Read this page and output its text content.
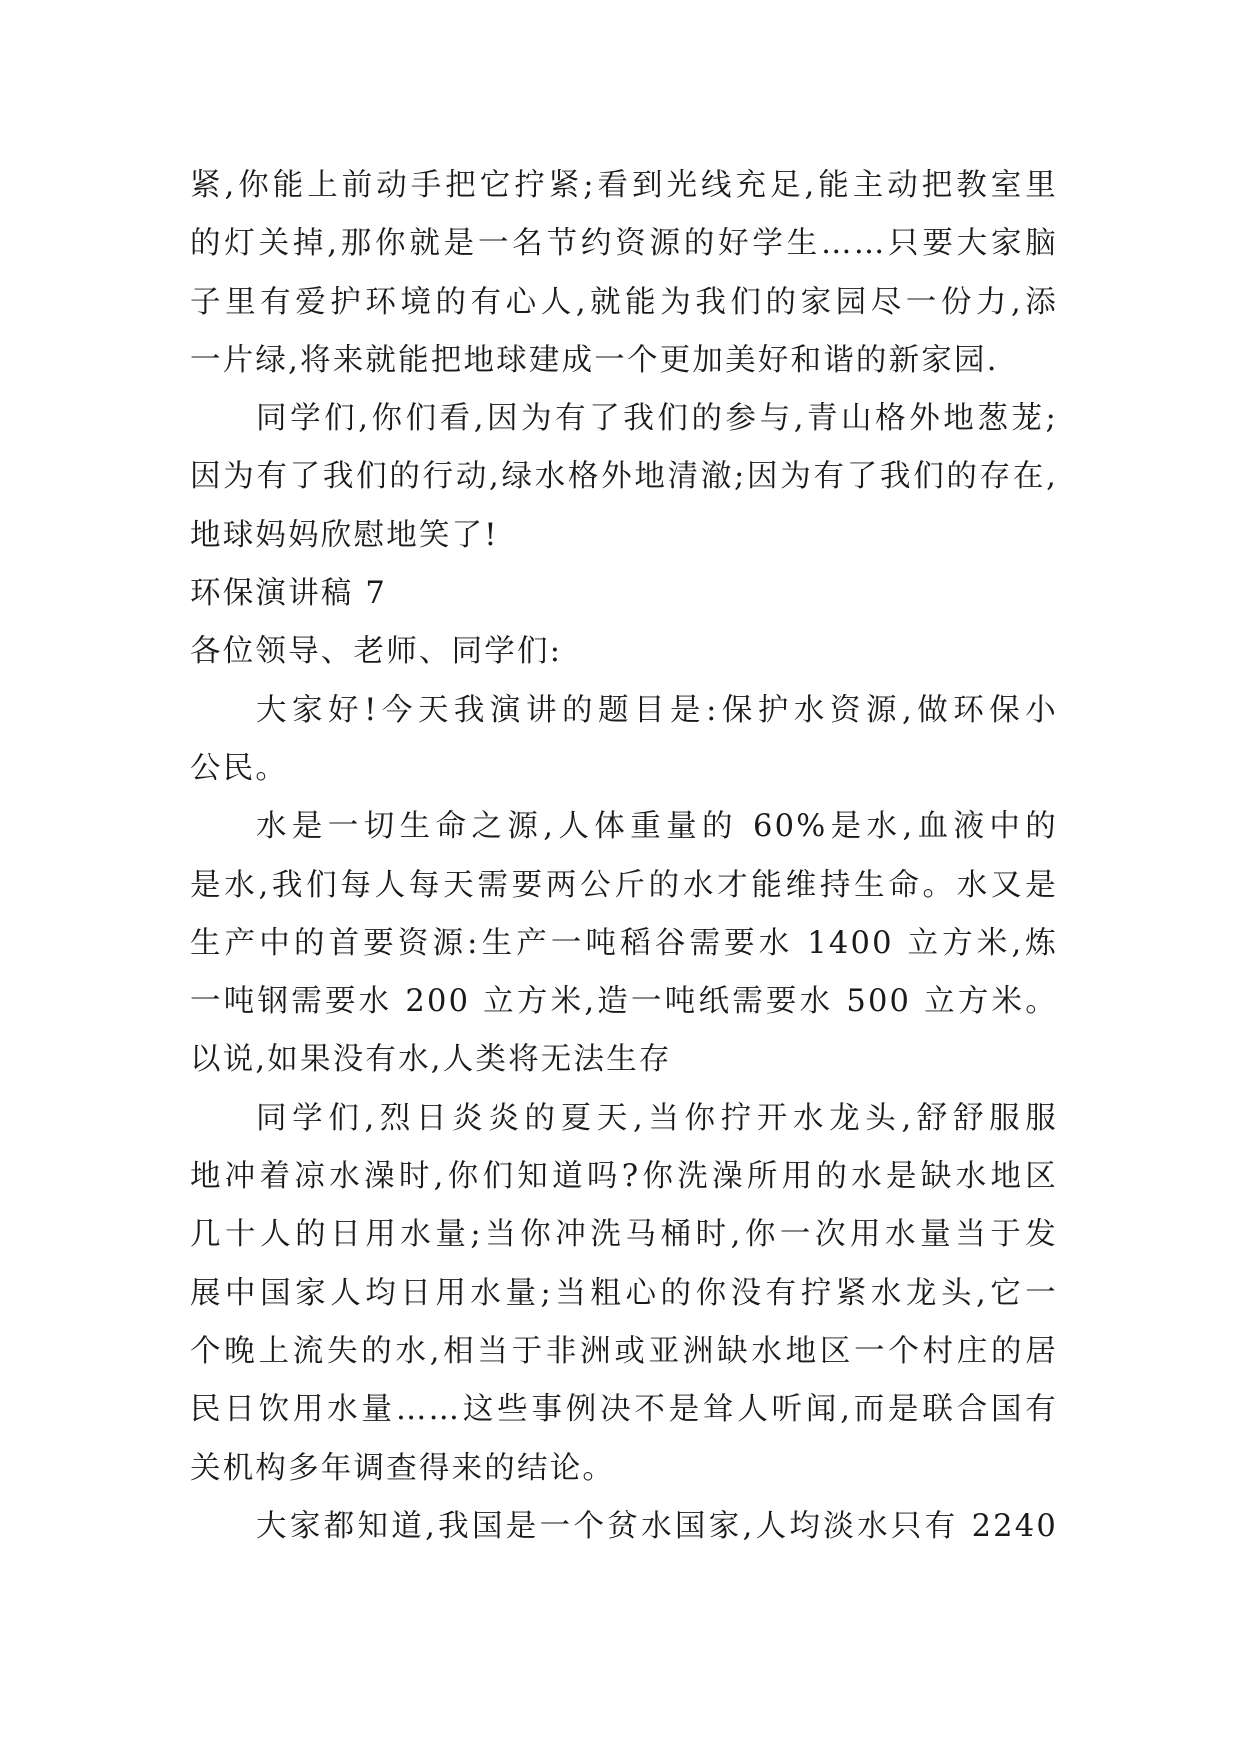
紧,你能上前动手把它拧紧;看到光线充足,能主动把教室里
的灯关掉,那你就是一名节约资源的好学生……只要大家脑
子里有爱护环境的有心人,就能为我们的家园尽一份力,添
一片绿,将来就能把地球建成一个更加美好和谐的新家园.
同学们,你们看,因为有了我们的参与,青山格外地葱茏;
因为有了我们的行动,绿水格外地清澈;因为有了我们的存在,
地球妈妈欣慰地笑了!
环保演讲稿 7
各位领导、老师、同学们:
大家好!今天我演讲的题目是:保护水资源,做环保小
公民。
水是一切生命之源,人体重量的 60%是水,血液中的
是水,我们每人每天需要两公斤的水才能维持生命。水又是
生产中的首要资源:生产一吨稻谷需要水 1400 立方米,炼
一吨钢需要水 200 立方米,造一吨纸需要水 500 立方米。
以说,如果没有水,人类将无法生存
同学们,烈日炎炎的夏天,当你拧开水龙头,舒舒服服
地冲着凉水澡时,你们知道吗?你洗澡所用的水是缺水地区
几十人的日用水量;当你冲洗马桶时,你一次用水量当于发
展中国家人均日用水量;当粗心的你没有拧紧水龙头,它一
个晚上流失的水,相当于非洲或亚洲缺水地区一个村庄的居
民日饮用水量……这些事例决不是耸人听闻,而是联合国有
关机构多年调查得来的结论。
大家都知道,我国是一个贫水国家,人均淡水只有 2240
